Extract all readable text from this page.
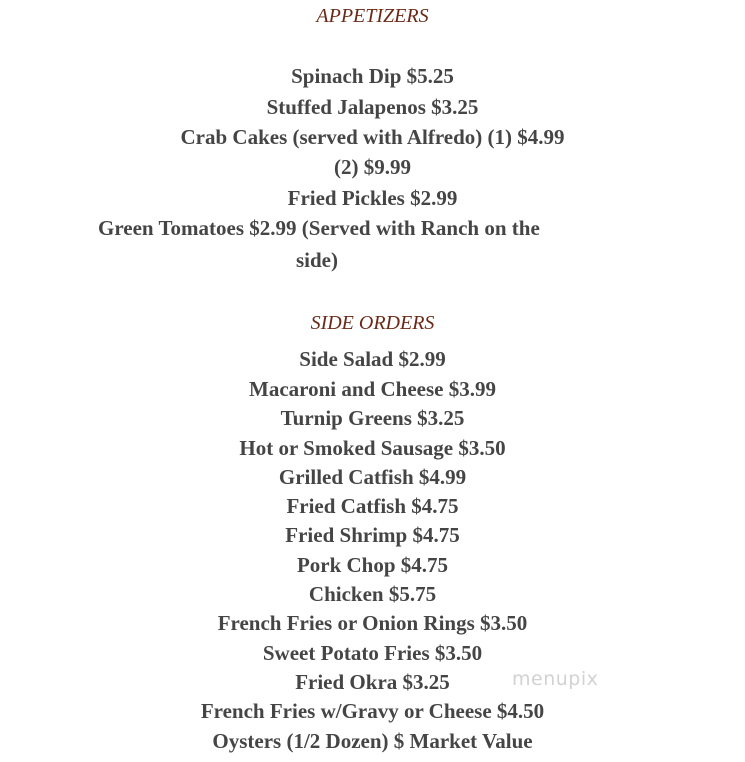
APPETIZERS
Spinach Dip $5.25
Stuffed Jalapenos $3.25
Crab Cakes (served with Alfredo) (1) $4.99
(2) $9.99
Fried Pickles $2.99
Green Tomatoes $2.99 (Served with Ranch on the
side)
SIDE ORDERS
Side Salad $2.99
Macaroni and Cheese $3.99
Turnip Greens $3.25
Hot or Smoked Sausage $3.50
Grilled Catfish $4.99
Fried Catfish $4.75
Fried Shrimp $4.75
Pork Chop $4.75
Chicken $5.75
French Fries or Onion Rings $3.50
Sweet Potato Fries $3.50
Fried Okra $3.25
French Fries w/Gravy or Cheese $4.50
Oysters (1/2 Dozen) $ Market Value
menupix
